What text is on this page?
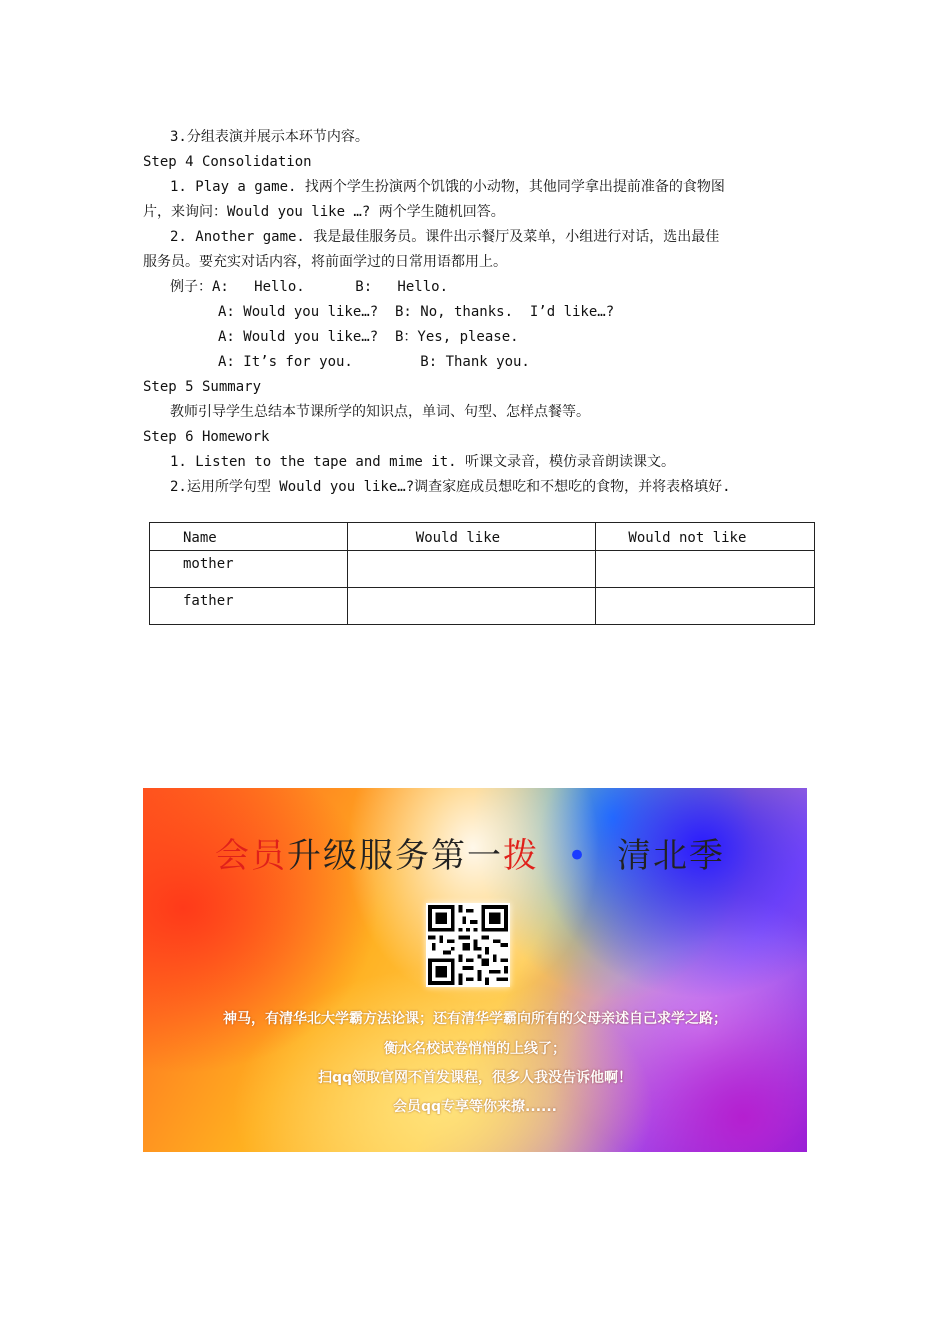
3.分组表演并展示本环节内容。
Step 4 Consolidation
1. Play a game. 找两个学生扮演两个饥饿的小动物，其他同学拿出提前准备的食物图
片，来询问：Would you like …? 两个学生随机回答。
2. Another game. 我是最佳服务员。课件出示餐厅及菜单，小组进行对话，选出最佳
服务员。要充实对话内容，将前面学过的日常用语都用上。
例子：A:   Hello.      B:   Hello.
A: Would you like…?  B: No, thanks.  I’d like…?
A: Would you like…?  B：Yes, please.
A: It’s for you.        B: Thank you.
Step 5 Summary
教师引导学生总结本节课所学的知识点，单词、句型、怎样点餐等。
Step 6 Homework
1. Listen to the tape and mime it. 听课文录音，模仿录音朗读课文。
2.运用所学句型 Would you like…?调查家庭成员想吃和不想吃的食物，并将表格填好.
Name	Would like	Would not like
mother		
father		
会员升级服务第一拨 • 清北季
神马，有清华北大学霸方法论课；还有清华学霸向所有的父母亲述自己求学之路；
衡水名校试卷悄悄的上线了；
扫qq领取官网不首发课程，很多人我没告诉他啊！
会员qq专享等你来撩......
